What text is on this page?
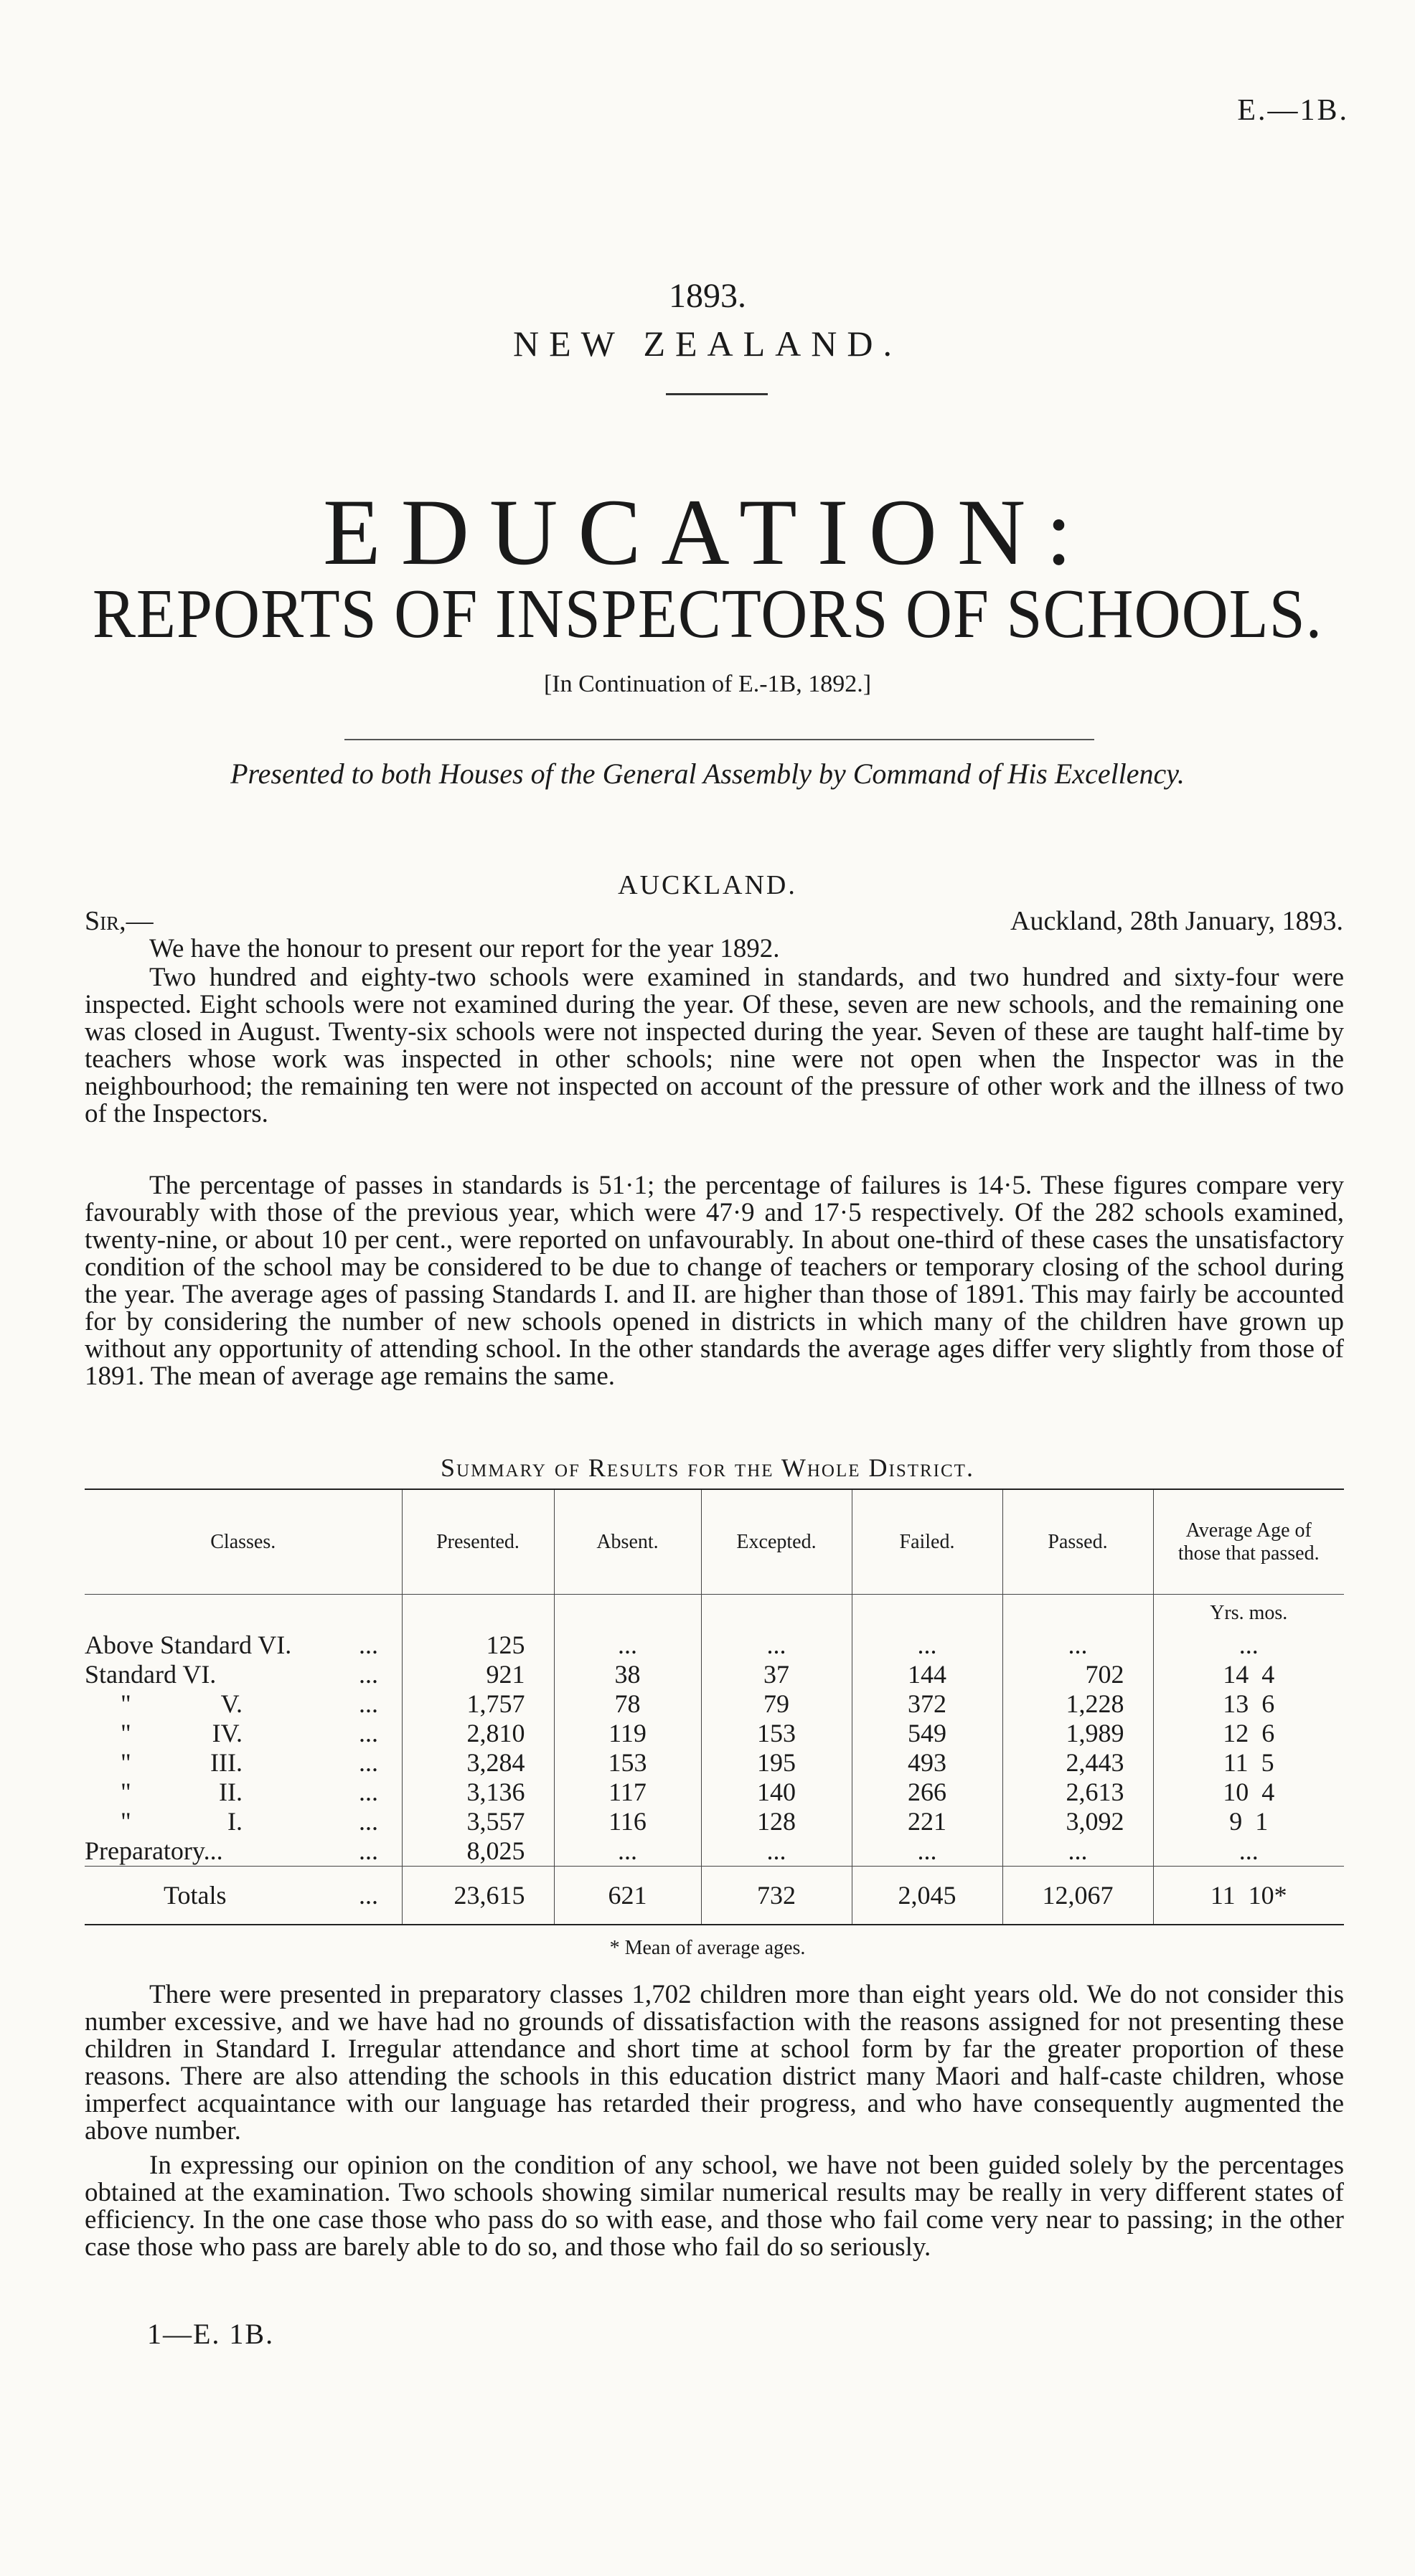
E.—1B.
1893.
NEW ZEALAND.
EDUCATION:
REPORTS OF INSPECTORS OF SCHOOLS.
[In Continuation of E.-1B, 1892.]
Presented to both Houses of the General Assembly by Command of His Excellency.
AUCKLAND.
Sir,—	Auckland, 28th January, 1893.
We have the honour to present our report for the year 1892.
Two hundred and eighty-two schools were examined in standards, and two hundred and sixty-four were inspected. Eight schools were not examined during the year. Of these, seven are new schools, and the remaining one was closed in August. Twenty-six schools were not inspected during the year. Seven of these are taught half-time by teachers whose work was inspected in other schools; nine were not open when the Inspector was in the neighbourhood; the remaining ten were not inspected on account of the pressure of other work and the illness of two of the Inspectors.
The percentage of passes in standards is 51·1; the percentage of failures is 14·5. These figures compare very favourably with those of the previous year, which were 47·9 and 17·5 respectively. Of the 282 schools examined, twenty-nine, or about 10 per cent., were reported on unfavourably. In about one-third of these cases the unsatisfactory condition of the school may be considered to be due to change of teachers or temporary closing of the school during the year. The average ages of passing Standards I. and II. are higher than those of 1891. This may fairly be accounted for by considering the number of new schools opened in districts in which many of the children have grown up without any opportunity of attending school. In the other standards the average ages differ very slightly from those of 1891. The mean of average age remains the same.
Summary of Results for the Whole District.
Classes.	Presented.	Absent.	Excepted.	Failed.	Passed.	Average Age of those that passed.
						Yrs. mos.
Above Standard VI. ...	125	...	...	...	...	...
Standard VI. ...	921	38	37	144	702	14  4
" V. ...	1,757	78	79	372	1,228	13  6
" IV. ...	2,810	119	153	549	1,989	12  6
" III. ...	3,284	153	195	493	2,443	11  5
" II. ...	3,136	117	140	266	2,613	10  4
" I. ...	3,557	116	128	221	3,092	9  1
Preparatory... ...	8,025	...	...	...	...	...
Totals ...	23,615	621	732	2,045	12,067	11  10*
* Mean of average ages.
There were presented in preparatory classes 1,702 children more than eight years old. We do not consider this number excessive, and we have had no grounds of dissatisfaction with the reasons assigned for not presenting these children in Standard I. Irregular attendance and short time at school form by far the greater proportion of these reasons. There are also attending the schools in this education district many Maori and half-caste children, whose imperfect acquaintance with our language has retarded their progress, and who have consequently augmented the above number.
In expressing our opinion on the condition of any school, we have not been guided solely by the percentages obtained at the examination. Two schools showing similar numerical results may be really in very different states of efficiency. In the one case those who pass do so with ease, and those who fail come very near to passing; in the other case those who pass are barely able to do so, and those who fail do so seriously.
1—E. 1B.
